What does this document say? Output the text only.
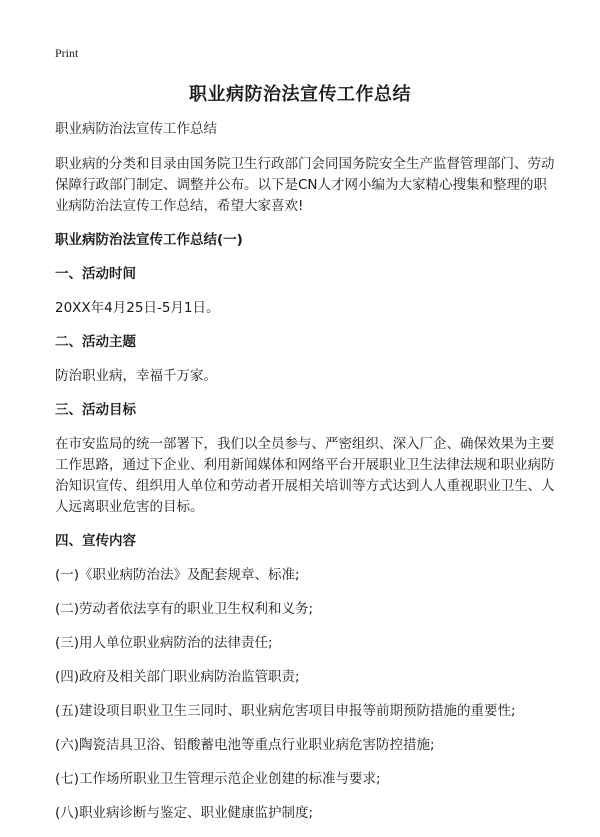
Print
职业病防治法宣传工作总结

职业病防治法宣传工作总结

职业病的分类和目录由国务院卫生行政部门会同国务院安全生产监督管理部门、劳动保障行政部门制定、调整并公布。以下是CN人才网小编为大家精心搜集和整理的职业病防治法宣传工作总结，希望大家喜欢!

职业病防治法宣传工作总结(一)

一、活动时间

20XX年4月25日-5月1日。

二、活动主题

防治职业病，幸福千万家。

三、活动目标

在市安监局的统一部署下，我们以全员参与、严密组织、深入厂企、确保效果为主要工作思路，通过下企业、利用新闻媒体和网络平台开展职业卫生法律法规和职业病防治知识宣传、组织用人单位和劳动者开展相关培训等方式达到人人重视职业卫生、人人远离职业危害的目标。

四、宣传内容

(一)《职业病防治法》及配套规章、标准;

(二)劳动者依法享有的职业卫生权利和义务;

(三)用人单位职业病防治的法律责任;

(四)政府及相关部门职业病防治监管职责;

(五)建设项目职业卫生三同时、职业病危害项目申报等前期预防措施的重要性;

(六)陶瓷洁具卫浴、铅酸蓄电池等重点行业职业病危害防控措施;

(七)工作场所职业卫生管理示范企业创建的标准与要求;

(八)职业病诊断与鉴定、职业健康监护制度;
